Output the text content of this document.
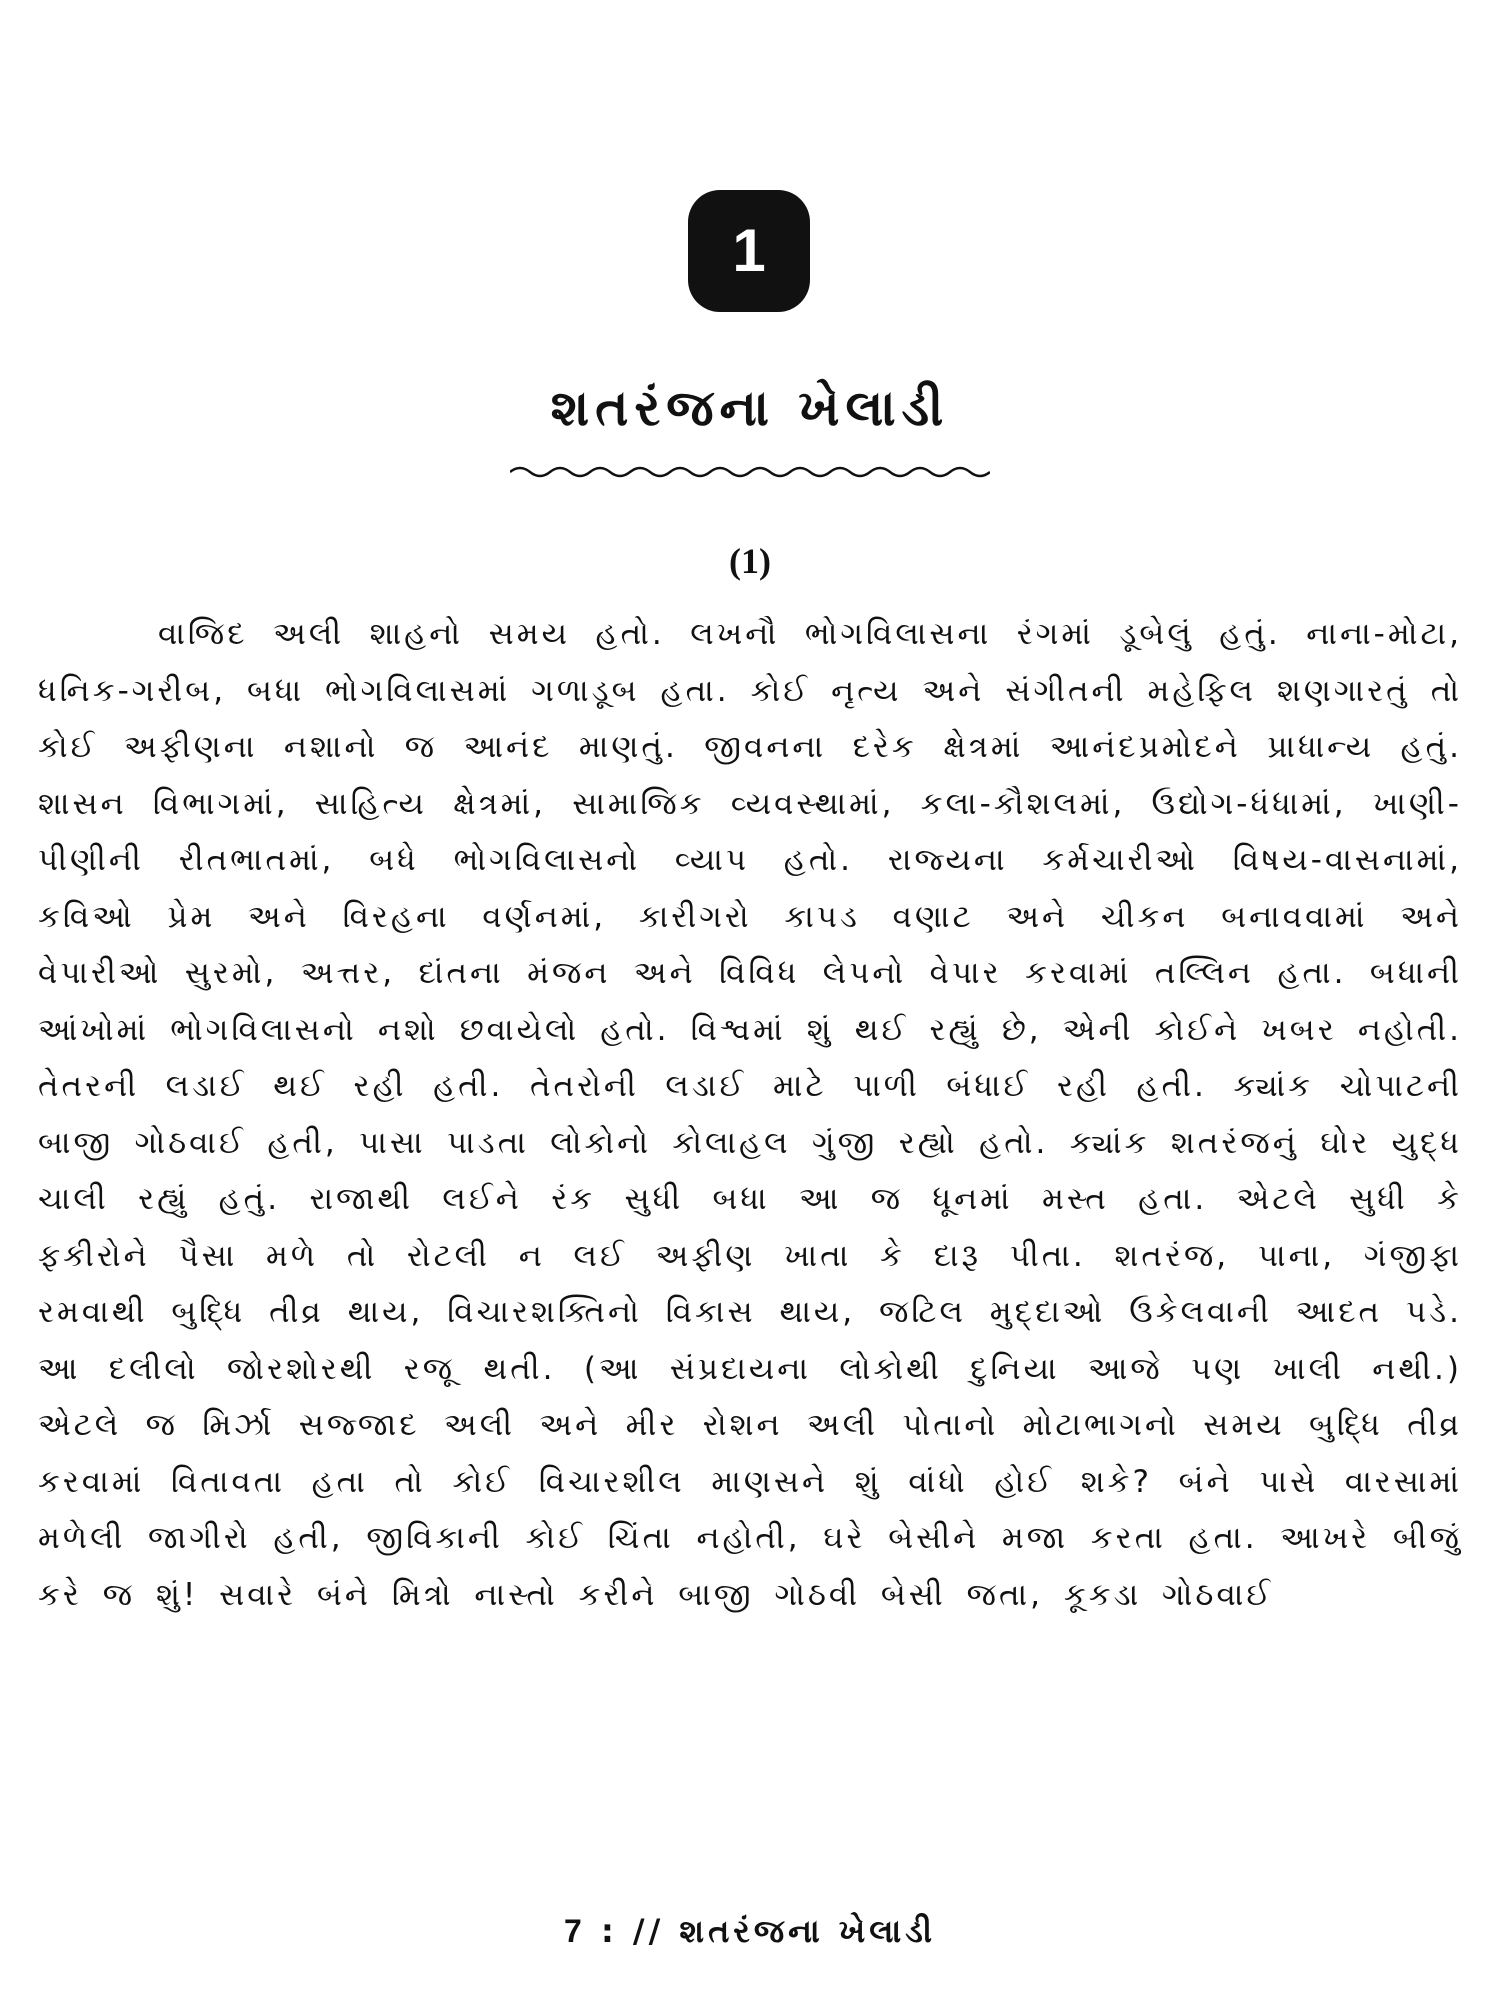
1
શતરંજના ખેલાડી
(1)

વાજિદ અલી શાહનો સમય હતો. લખનૌ ભોગવિલાસના રંગમાં ડૂબેલું હતું. નાના-મોટા, ધનિક-ગરીબ, બધા ભોગવિલાસમાં ગળાડૂબ હતા. કોઈ નૃત્ય અને સંગીતની મહેફિલ શણગારતું તો કોઈ અફીણના નશાનો જ આનંદ માણતું. જીવનના દરેક ક્ષેત્રમાં આનંદપ્રમોદને પ્રાધાન્ય હતું. શાસન વિભાગમાં, સાહિત્ય ક્ષેત્રમાં, સામાજિક વ્યવસ્થામાં, કલા-કૌશલમાં, ઉદ્યોગ-ધંધામાં, ખાણી-પીણીની રીતભાતમાં, બધે ભોગવિલાસનો વ્યાપ હતો. રાજ્યના કર્મચારીઓ વિષય-વાસનામાં, કવિઓ પ્રેમ અને વિરહના વર્ણનમાં, કારીગરો કાપડ વણાટ અને ચીકન બનાવવામાં અને વેપારીઓ સુરમો, અત્તર, દાંતના મંજન અને વિવિધ લેપનો વેપાર કરવામાં તલ્લિન હતા. બધાની આંખોમાં ભોગવિલાસનો નશો છવાયેલો હતો. વિશ્વમાં શું થઈ રહ્યું છે, એની કોઈને ખબર નહોતી. તેતરની લડાઈ થઈ રહી હતી. તેતરોની લડાઈ માટે પાળી બંધાઈ રહી હતી. ક્યાંક ચોપાટની બાજી ગોઠવાઈ હતી, પાસા પાડતા લોકોનો કોલાહલ ગુંજી રહ્યો હતો. ક્યાંક શતરંજનું ઘોર યુદ્ધ ચાલી રહ્યું હતું. રાજાથી લઈને રંક સુધી બધા આ જ ધૂનમાં મસ્ત હતા. એટલે સુધી કે ફકીરોને પૈસા મળે તો રોટલી ન લઈ અફીણ ખાતા કે દારૂ પીતા. શતરંજ, પાના, ગંજીફા રમવાથી બુદ્ધિ તીવ્ર થાય, વિચારશક્તિનો વિકાસ થાય, જટિલ મુદ્દાઓ ઉકેલવાની આદત પડે. આ દલીલો જોરશોરથી રજૂ થતી. (આ સંપ્રદાયના લોકોથી દુનિયા આજે પણ ખાલી નથી.) એટલે જ મિર્ઝા સજ્જાદ અલી અને મીર રોશન અલી પોતાનો મોટાભાગનો સમય બુદ્ધિ તીવ્ર કરવામાં વિતાવતા હતા તો કોઈ વિચારશીલ માણસને શું વાંધો હોઈ શકે? બંને પાસે વારસામાં મળેલી જાગીરો હતી, જીવિકાની કોઈ ચિંતા નહોતી, ઘરે બેસીને મજા કરતા હતા. આખરે બીજું કરે જ શું! સવારે બંને મિત્રો નાસ્તો કરીને બાજી ગોઠવી બેસી જતા, કૂકડા ગોઠવાઈ

7 : // શતરંજના ખેલાડી
